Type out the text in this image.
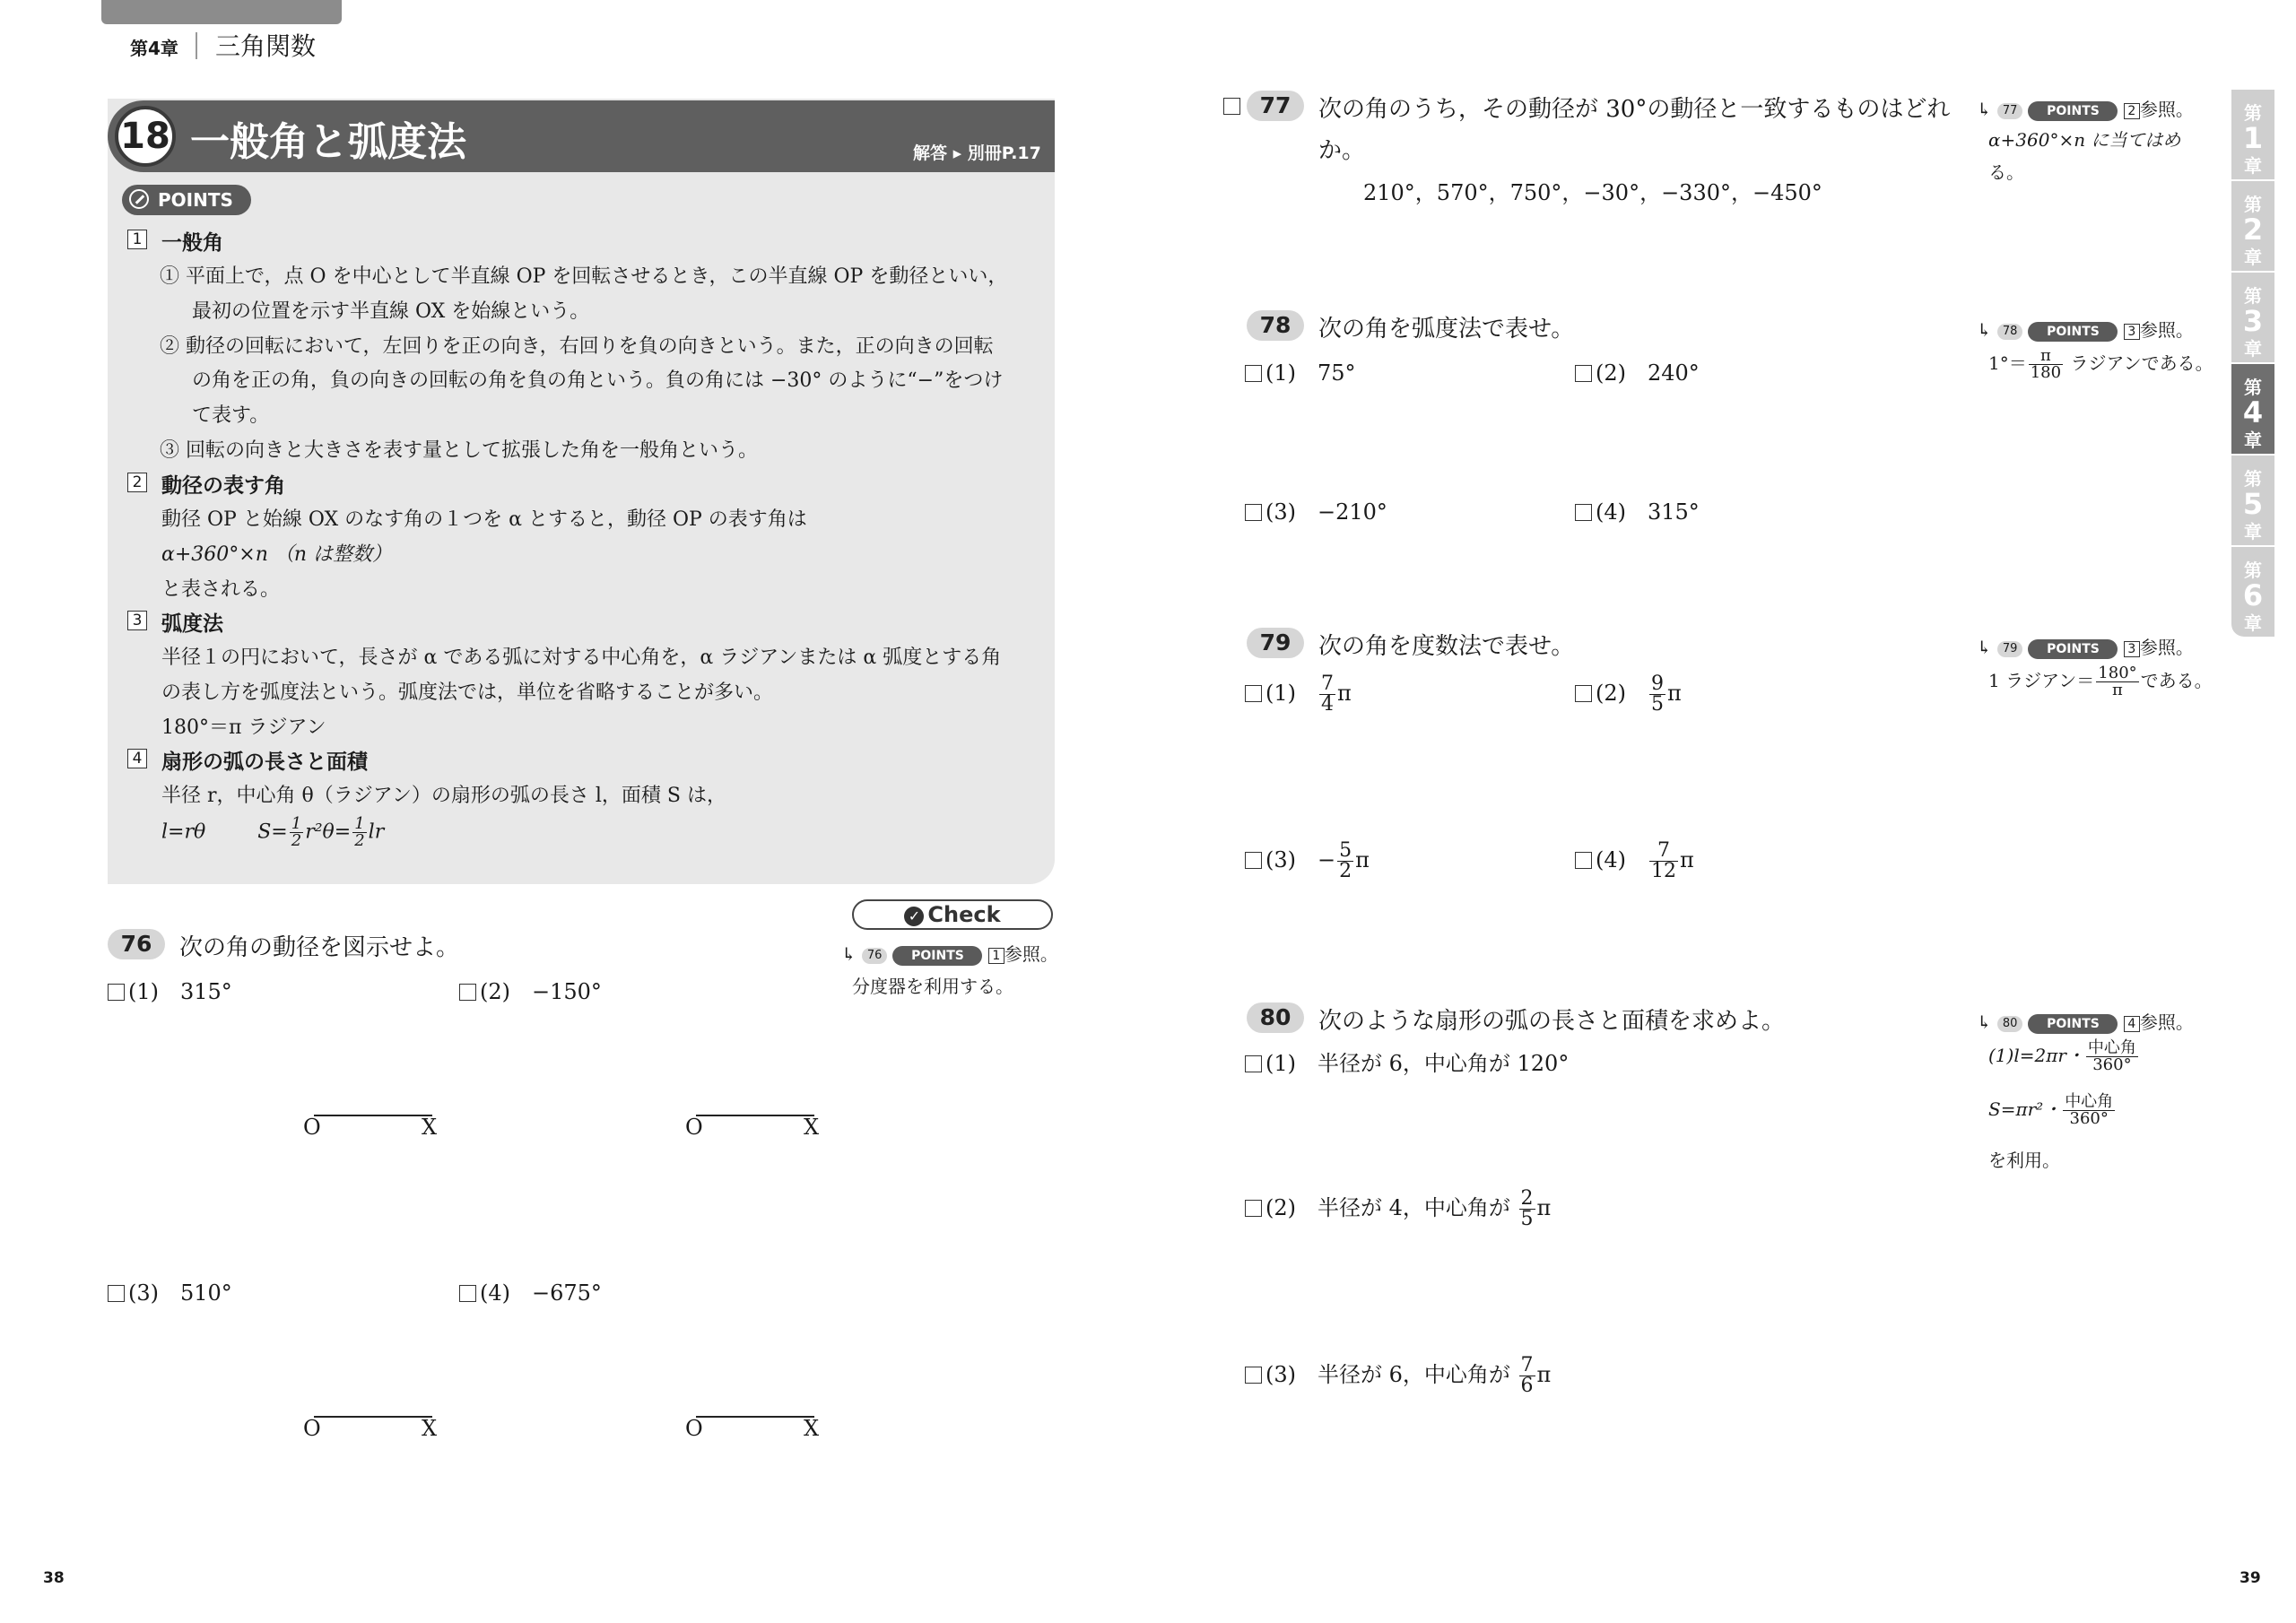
第4章 三角関数
18 一般角と弧度法	解答 ▸ 別冊P.17
POINTS
1 一般角
① 平面上で，点 O を中心として半直線 OP を回転させるとき，この半直線 OP を動径といい，
最初の位置を示す半直線 OX を始線という。
② 動径の回転において，左回りを正の向き，右回りを負の向きという。また，正の向きの回転
の角を正の角，負の向きの回転の角を負の角という。負の角には −30° のように“−”をつけ
て表す。
③ 回転の向きと大きさを表す量として拡張した角を一般角という。
2 動径の表す角
動径 OP と始線 OX のなす角の１つを α とすると，動径 OP の表す角は
α+360°×n （n は整数）
と表される。
3 弧度法
半径１の円において，長さが α である弧に対する中心角を，α ラジアンまたは α 弧度とする角
の表し方を弧度法という。弧度法では，単位を省略することが多い。
180°＝π ラジアン
4 扇形の弧の長さと面積
半径 r，中心角 θ（ラジアン）の扇形の弧の長さ l，面積 S は，
l=rθ	$S= \frac{1}{2} r^2\theta= \frac{1}{2}$ lr
✓ Check
76	次の角の動径を図示せよ。
(1)　315°	(2)　−150°
(3)　510°	(4)　−675°
O	X	O	X
O	X	O	X
↳ 76 POINTS 1 参照。
分度器を利用する。
38	39
77	次の角のうち，その動径が 30°の動径と一致するものはどれ
か。
210°，570°，750°，−30°，−330°，−450°
↳ 77 POINTS 2 参照。
α+360°×n に当てはめ
る。
78	次の角を弧度法で表せ。
(1)　75°	(2)　240°
(3)　−210°	(4)　315°
↳ 78 POINTS 3 参照。
$1^\circ= \frac{\pi}{180}$ ラジアンである。
79	次の角を度数法で表せ。
(1)　 $\frac{7}{4}$ π	(2)　 $\frac{9}{5}$ π
(3)　 − $\frac{5}{2}$ π	(4)　 $\frac{7}{12}$ π
↳ 79 POINTS 3 参照。
1 ラジアン＝ $\frac{180^\circ}{\pi}$ である。
80	次のような扇形の弧の長さと面積を求めよ。
(1)　半径が 6，中心角が 120°
(2)　半径が 4，中心角が $\frac{2}{5}$ π
(3)　半径が 6，中心角が $\frac{7}{6}$ π
↳ 80 POINTS 4 参照。
(1)l=2πr・ $\frac{\text{中心角}}{360^\circ}$
S=πr²・ $\frac{\text{中心角}}{360^\circ}$
を利用。
第
1
章
第
2
章
第
3
章
第
4
章
第
5
章
第
6
章
